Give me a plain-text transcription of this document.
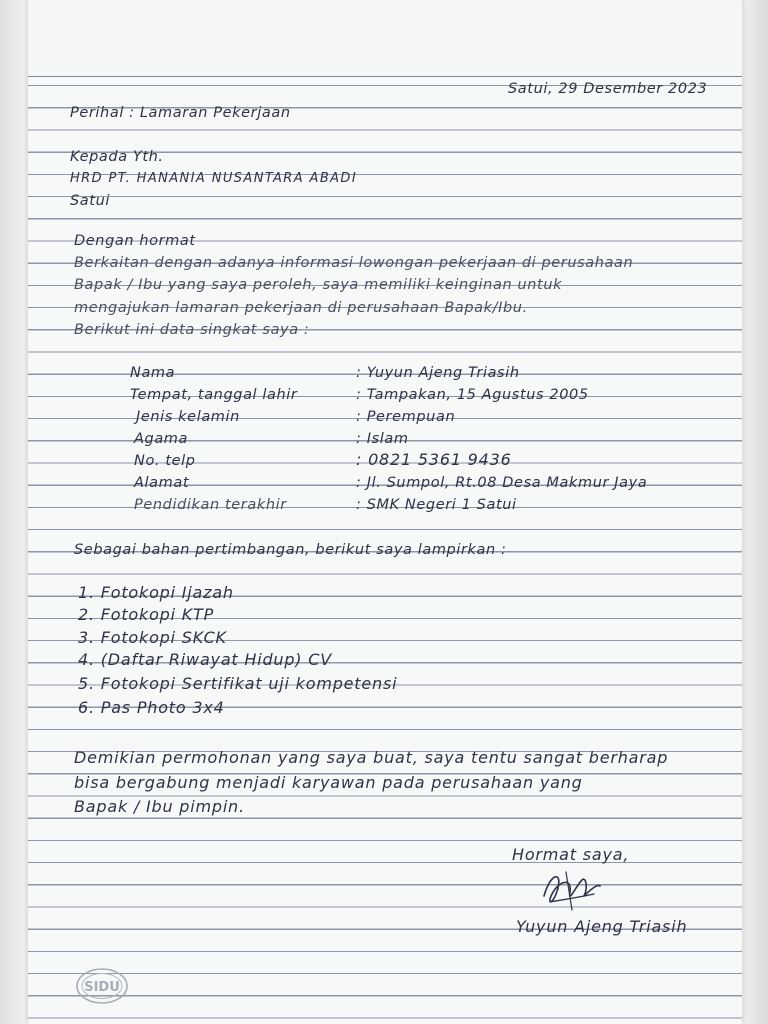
Satui, 29 Desember 2023
Perihal : Lamaran Pekerjaan
Kepada Yth.
HRD PT. HANANIA NUSANTARA ABADI
Satui
Dengan hormat
Berkaitan dengan adanya informasi lowongan pekerjaan di perusahaan
Bapak / Ibu yang saya peroleh, saya memiliki keinginan untuk
mengajukan lamaran pekerjaan di perusahaan Bapak/Ibu.
Berikut ini data singkat saya :
Nama	: Yuyun Ajeng Triasih
Tempat, tanggal lahir	: Tampakan, 15 Agustus 2005
Jenis kelamin	: Perempuan
Agama	: Islam
No. telp	: 0821 5361 9436
Alamat	: Jl. Sumpol, Rt.08 Desa Makmur Jaya
Pendidikan terakhir	: SMK Negeri 1 Satui
Sebagai bahan pertimbangan, berikut saya lampirkan :
1. Fotokopi Ijazah
2. Fotokopi KTP
3. Fotokopi SKCK
4. (Daftar Riwayat Hidup) CV
5. Fotokopi Sertifikat uji kompetensi
6. Pas Photo 3x4
Demikian permohonan yang saya buat, saya tentu sangat berharap
bisa bergabung menjadi karyawan pada perusahaan yang
Bapak / Ibu pimpin.
Hormat saya,
Yuyun Ajeng Triasih
SIDU
